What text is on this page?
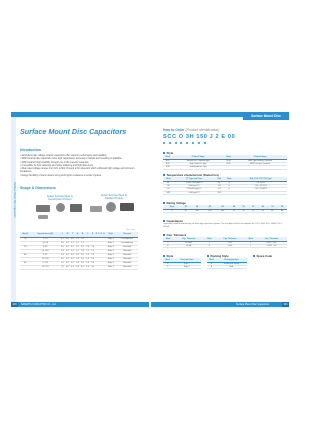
Surface Mount Disc Capacitors
Surface Mount Disc Capacitors
Surface Mount Disc Capacitors
Introduction
• Samwha's high voltage ceramic capacitors offer superior performance and reliability.
• SMD Ceramic disc capacitors have high capacitance and easy to handle and moulding is available.
• SMD Ceramic high reliability through use of the superior materials.
• Compatible for flow soldering and reflow soldering and high placement.
• Wide rated voltage ranges from 1kV to 6kV, through a thin dielectric which withstand high voltage and minimum breakdown.
• Design flexibility of same device sizing and higher resistance to solder impacts.
Shape & Dimensions
Solder Terminal (Style 1) Development Product
Solder Terminal (Style 2) Standard Product
Unit : mm
Model	Capacitance (pF)	L	W	T	A	B	C	D	E	F	G	H	Style	Remark
1D	2~10	4.4	3.0	3.0	1.2	2.0							Style 1	Development
	10~56	4.6	3.4	3.4	1.2	2.2							Style 1	Development
2D	5~82	5.0	4.0	3.0	1.5	2.5	2.0	2.0					Style 2	Standard
	10~100	5.4	4.4	3.6	1.5	2.8	2.2	2.2					Style 2	Standard
3D	5~82	5.8	5.0	3.6	1.6	3.0	2.4	2.4					Style 2	Standard
	10~150	6.2	5.4	4.0	1.6	3.2	2.6	2.6					Style 2	Standard
4D	5~220	7.0	6.0	4.0	1.8	3.6	2.8	2.8					Style 2	Standard
	10~270	7.6	6.6	4.4	1.8	4.0	3.0	3.0					Style 2	Standard
How to Order (Product Identification)
SCC O 3H 150 J 2 E 00
Style
Mark	Product Name	Mark	Product Name
SCC	Normal Disc Capacitor type	SCM	SMD Type Sealing Capacitor
SCD	High Dielectric Type	ECE	SMD Ceramic Capacitor
SCE	Semiconductor Type		
Temperature characteristic (Dielectrics)
Mark	TC Type and Class	EIA	Mark	EIA, TCA, Y5P, Y5V Type
SL	-1000~+350 ppm/°C	SL	B	Y5P ±10%
CH	0±60 ppm/°C	CH	E	Y5U +22/-56%
UJ	-750±120 ppm/°C	UJ	F	Y5V +22/-82%
NP0	0±30 ppm/°C	C0G		
Rating Voltage
Mark	1H	2A	2E	2H	3A	3D	3F	3H	3J	3K
V	50	100	250	500	1K	2K	3K	5K	6K	8K
Capacitance
Capacitance shall be indicated by the three digit capacitance figures. The first digits shall be the multiplier. Ex: 150 = 15pF, 101 = 100pF, 102 = 1000pF
Cap. Tolerance
Mark	Cap. Tolerance	Mark	Cap. Tolerance	Mark	Cap. Tolerance
C	±0.25pF	J	±5%	Z	+80%, -20%
D	±0.5pF	K	±10%	P	+100%, -0%
Style
Mark	Terminal Form
1	Style 1
2	Style 2
Packing Style
Mark	Packaging Style
E	Embossed Taping
B	Bulk
Spare Code
100	SAMWHA CAPACITOR CO., Ltd.	Surface Mount Disc Capacitors	101
